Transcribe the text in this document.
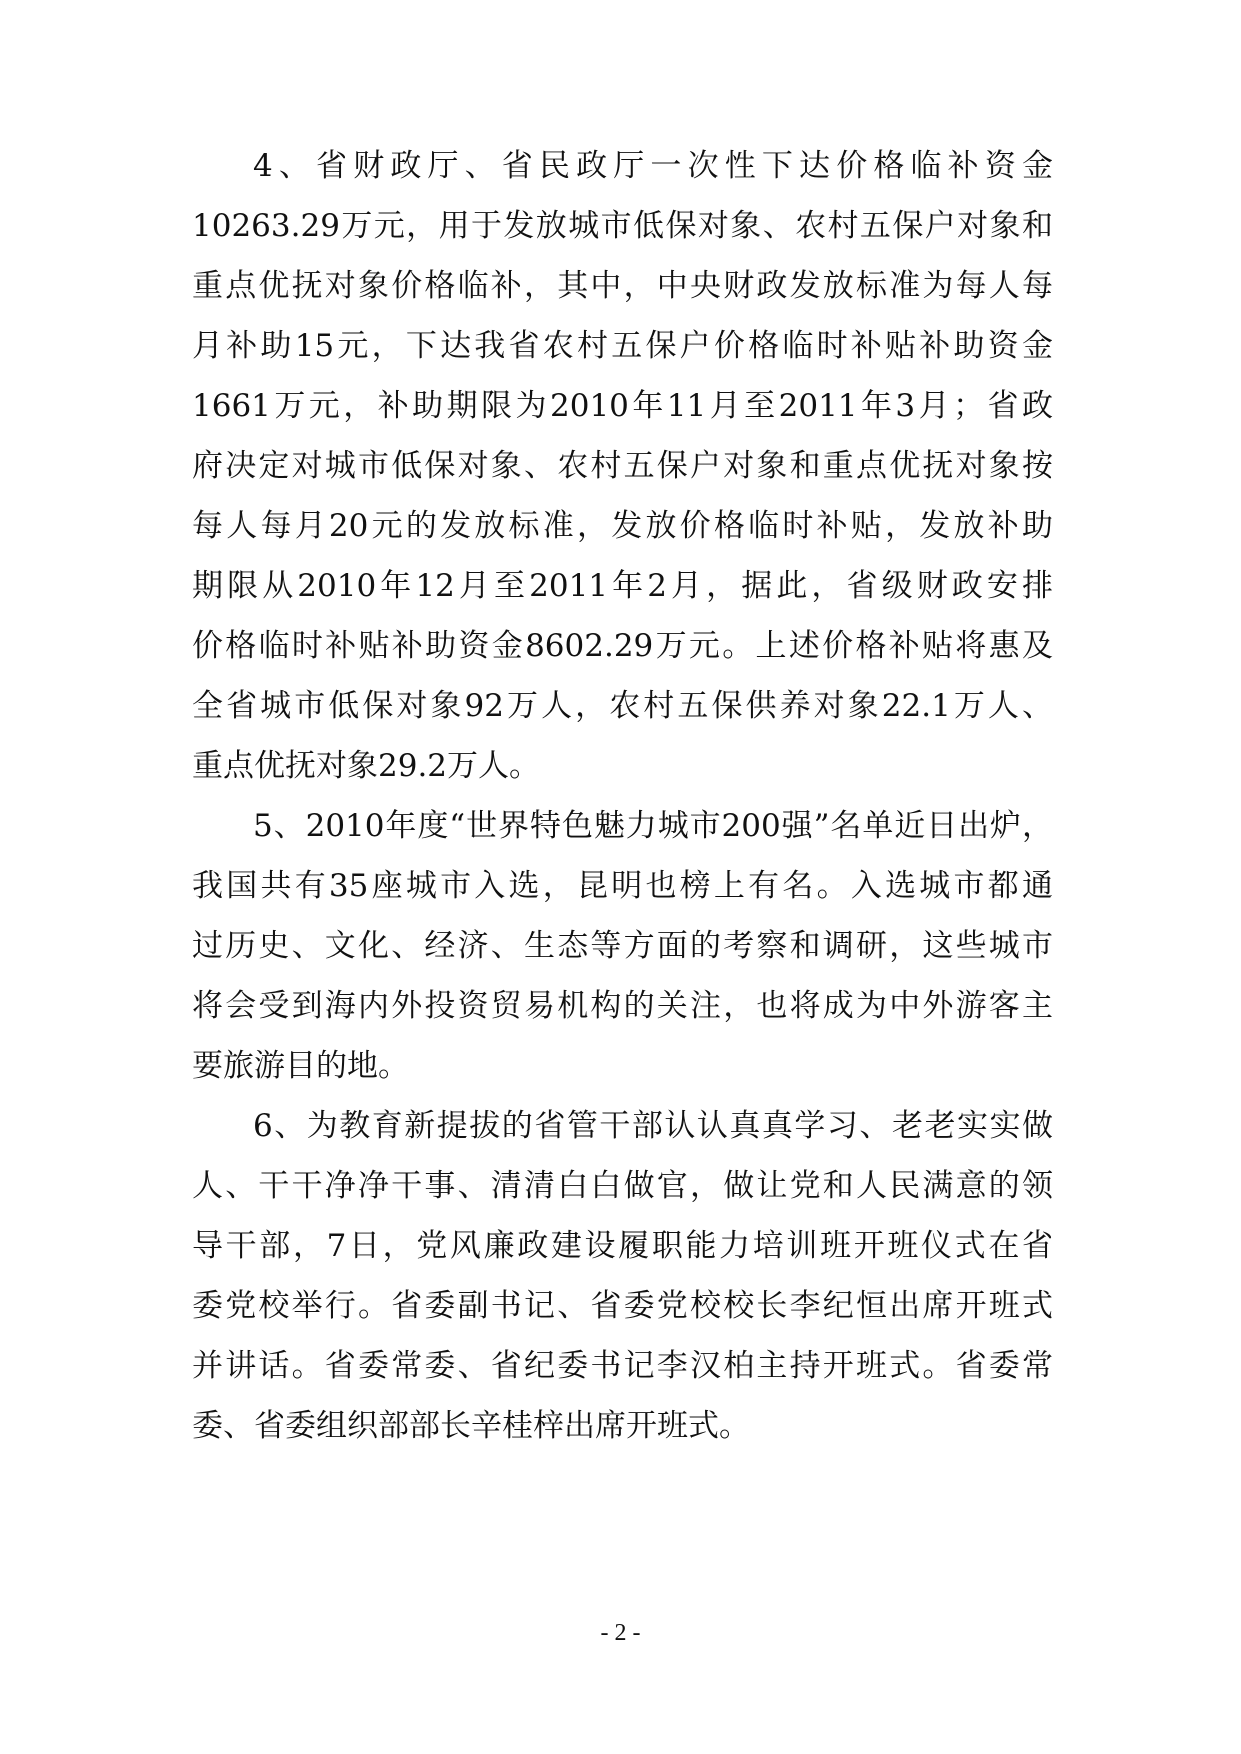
4、省财政厅、省民政厅一次性下达价格临补资金
10263.29万元，用于发放城市低保对象、农村五保户对象和
重点优抚对象价格临补，其中，中央财政发放标准为每人每
月补助15元，下达我省农村五保户价格临时补贴补助资金
1661万元，补助期限为2010年11月至2011年3月；省政
府决定对城市低保对象、农村五保户对象和重点优抚对象按
每人每月20元的发放标准，发放价格临时补贴，发放补助
期限从2010年12月至2011年2月，据此，省级财政安排
价格临时补贴补助资金8602.29万元。上述价格补贴将惠及
全省城市低保对象92万人，农村五保供养对象22.1万人、
重点优抚对象29.2万人。
5、2010年度“世界特色魅力城市200强”名单近日出炉，
我国共有35座城市入选，昆明也榜上有名。入选城市都通
过历史、文化、经济、生态等方面的考察和调研，这些城市
将会受到海内外投资贸易机构的关注，也将成为中外游客主
要旅游目的地。
6、为教育新提拔的省管干部认认真真学习、老老实实做
人、干干净净干事、清清白白做官，做让党和人民满意的领
导干部，7日，党风廉政建设履职能力培训班开班仪式在省
委党校举行。省委副书记、省委党校校长李纪恒出席开班式
并讲话。省委常委、省纪委书记李汉柏主持开班式。省委常
委、省委组织部部长辛桂梓出席开班式。
- 2 -
